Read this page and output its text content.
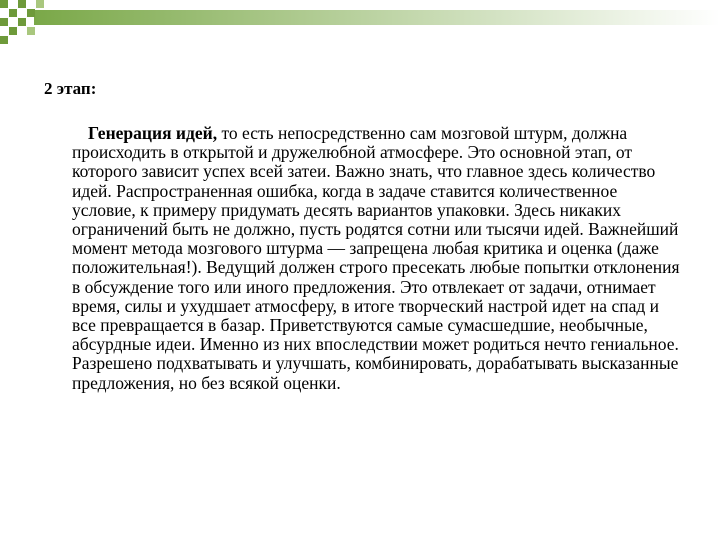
2 этап:

Генерация идей, то есть непосредственно сам мозговой штурм, должна происходить в открытой и дружелюбной атмосфере. Это основной этап, от которого зависит успех всей затеи. Важно знать, что главное здесь количество идей. Распространенная ошибка, когда в задаче ставится количественное условие, к примеру придумать десять вариантов упаковки. Здесь никаких ограничений быть не должно, пусть родятся сотни или тысячи идей. Важнейший момент метода мозгового штурма — запрещена любая критика и оценка (даже положительная!). Ведущий должен строго пресекать любые попытки отклонения в обсуждение того или иного предложения. Это отвлекает от задачи, отнимает время, силы и ухудшает атмосферу, в итоге творческий настрой идет на спад и все превращается в базар. Приветствуются самые сумасшедшие, необычные, абсурдные идеи. Именно из них впоследствии может родиться нечто гениальное. Разрешено подхватывать и улучшать, комбинировать, дорабатывать высказанные предложения, но без всякой оценки.
